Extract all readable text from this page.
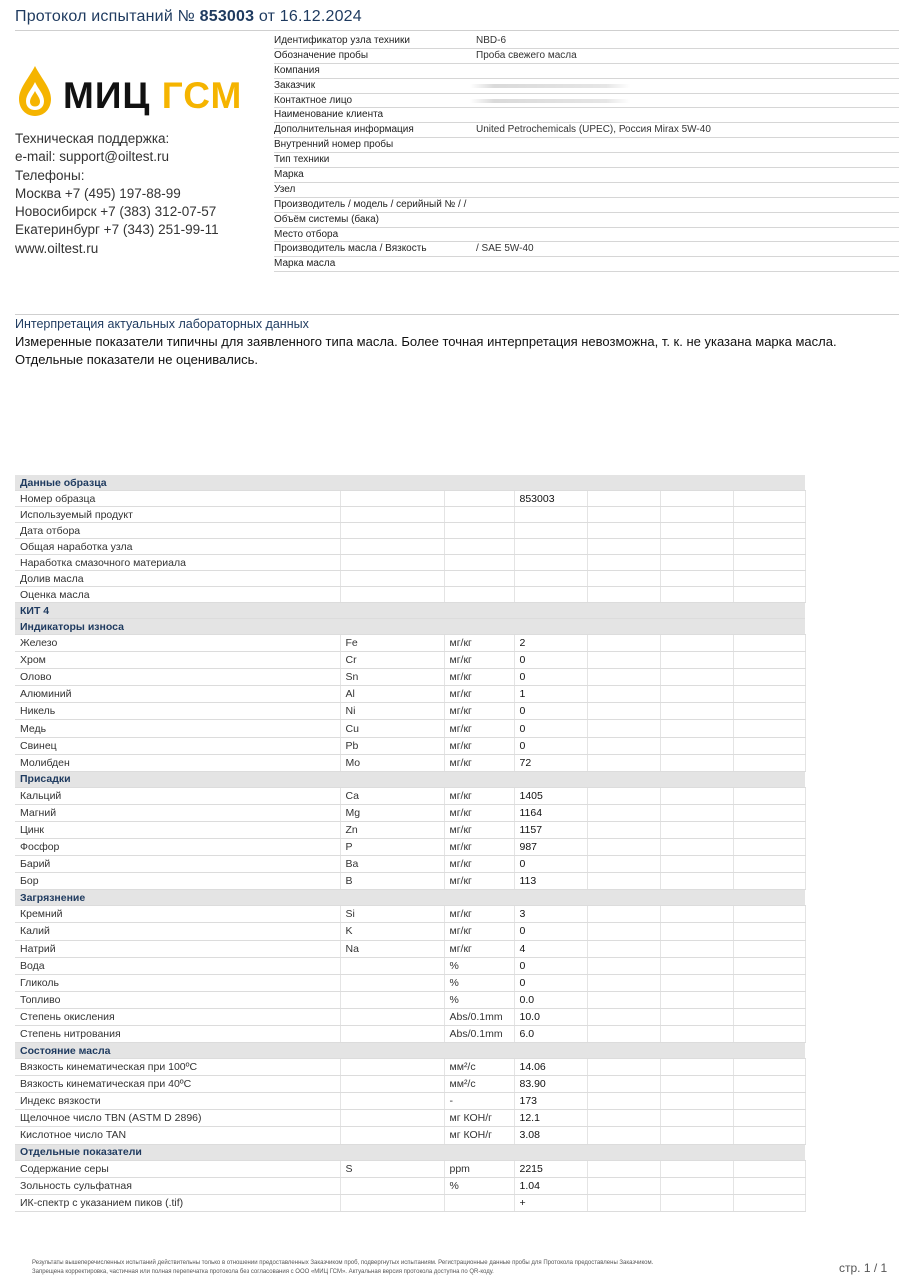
Протокол испытаний № 853003 от 16.12.2024
МИЦ ГСМ
Техническая поддержка:
e-mail: support@oiltest.ru
Телефоны:
Москва +7 (495) 197-88-99
Новосибирск +7 (383) 312-07-57
Екатеринбург +7 (343) 251-99-11
www.oiltest.ru
Идентификатор узла техники	NBD-6
Обозначение пробы	Проба свежего масла
Компания
Заказчик
Контактное лицо
Наименование клиента
Дополнительная информация	United Petrochemicals (UPEC), Россия Mirax 5W-40
Внутренний номер пробы
Тип техники
Марка
Узел
Производитель / модель / серийный № / /
Объём системы (бака)
Место отбора
Производитель масла / Вязкость	/ SAE 5W-40
Марка масла
Интерпретация актуальных лабораторных данных
Измеренные показатели типичны для заявленного типа масла. Более точная интерпретация невозможна, т. к. не указана марка масла. Отдельные показатели не оценивались.
Данные образца						
Номер образца			853003			
Используемый продукт						
Дата отбора						
Общая наработка узла						
Наработка смазочного материала						
Долив масла						
Оценка масла						
КИТ 4						
Индикаторы износа						
Железо	Fe	мг/кг	2			
Хром	Cr	мг/кг	0			
Олово	Sn	мг/кг	0			
Алюминий	Al	мг/кг	1			
Никель	Ni	мг/кг	0			
Медь	Cu	мг/кг	0			
Свинец	Pb	мг/кг	0			
Молибден	Mo	мг/кг	72			
Присадки						
Кальций	Ca	мг/кг	1405			
Магний	Mg	мг/кг	1164			
Цинк	Zn	мг/кг	1157			
Фосфор	P	мг/кг	987			
Барий	Ba	мг/кг	0			
Бор	B	мг/кг	113			
Загрязнение						
Кремний	Si	мг/кг	3			
Калий	K	мг/кг	0			
Натрий	Na	мг/кг	4			
Вода		%	0			
Гликоль		%	0			
Топливо		%	0.0			
Степень окисления		Abs/0.1mm	10.0			
Степень нитрования		Abs/0.1mm	6.0			
Состояние масла						
Вязкость кинематическая при 100ºC		мм²/с	14.06			
Вязкость кинематическая при 40ºC		мм²/с	83.90			
Индекс вязкости		-	173			
Щелочное число TBN (ASTM D 2896)		мг КОН/г	12.1			
Кислотное число TAN		мг КОН/г	3.08			
Отдельные показатели						
Содержание серы	S	ppm	2215			
Зольность сульфатная		%	1.04			
ИК-спектр с указанием пиков (.tif)			+			
Результаты вышеперечисленных испытаний действительны только в отношении предоставленных Заказчиком проб, подвергнутых испытаниям. Регистрационные данные пробы для Протокола предоставлены Заказчиком.
Запрещена корректировка, частичная или полная перепечатка протокола без согласования с ООО «МИЦ ГСМ». Актуальная версия протокола доступна по QR-коду.	стр. 1 / 1
